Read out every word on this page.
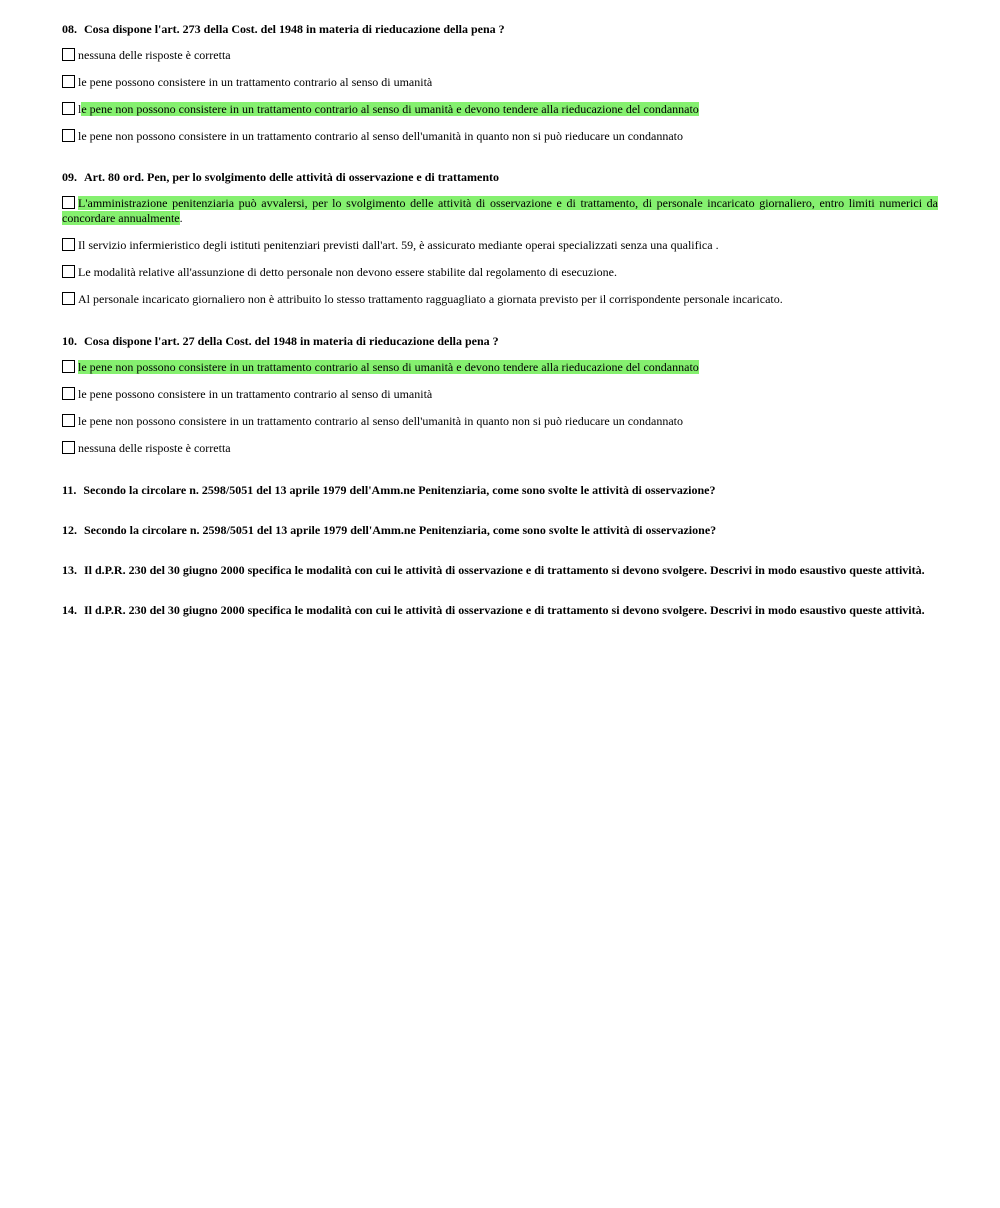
08. Cosa dispone l'art. 273 della Cost. del 1948 in materia di rieducazione della pena ?

nessuna delle risposte è corretta

le pene possono consistere in un trattamento contrario al senso di umanità

le pene non possono consistere in un trattamento contrario al senso di umanità e devono tendere alla rieducazione del condannato

le pene non possono consistere in un trattamento contrario al senso dell'umanità in quanto non si può rieducare un condannato

09. Art. 80 ord. Pen, per lo svolgimento delle attività di osservazione e di trattamento

L'amministrazione penitenziaria può avvalersi, per lo svolgimento delle attività di osservazione e di trattamento, di personale incaricato giornaliero, entro limiti numerici da concordare annualmente.

Il servizio infermieristico degli istituti penitenziari previsti dall'art. 59, è assicurato mediante operai specializzati senza una qualifica .

Le modalità relative all'assunzione di detto personale non devono essere stabilite dal regolamento di esecuzione.

Al personale incaricato giornaliero non è attribuito lo stesso trattamento ragguagliato a giornata previsto per il corrispondente personale incaricato.

10. Cosa dispone l'art. 27 della Cost. del 1948 in materia di rieducazione della pena ?

le pene non possono consistere in un trattamento contrario al senso di umanità e devono tendere alla rieducazione del condannato

le pene possono consistere in un trattamento contrario al senso di umanità

le pene non possono consistere in un trattamento contrario al senso dell'umanità in quanto non si può rieducare un condannato

nessuna delle risposte è corretta

11. Secondo la circolare n. 2598/5051 del 13 aprile 1979 dell'Amm.ne Penitenziaria, come sono svolte le attività di osservazione?

12. Secondo la circolare n. 2598/5051 del 13 aprile 1979 dell'Amm.ne Penitenziaria, come sono svolte le attività di osservazione?

13. Il d.P.R. 230 del 30 giugno 2000 specifica le modalità con cui le attività di osservazione e di trattamento si devono svolgere. Descrivi in modo esaustivo queste attività.

14. Il d.P.R. 230 del 30 giugno 2000 specifica le modalità con cui le attività di osservazione e di trattamento si devono svolgere. Descrivi in modo esaustivo queste attività.
